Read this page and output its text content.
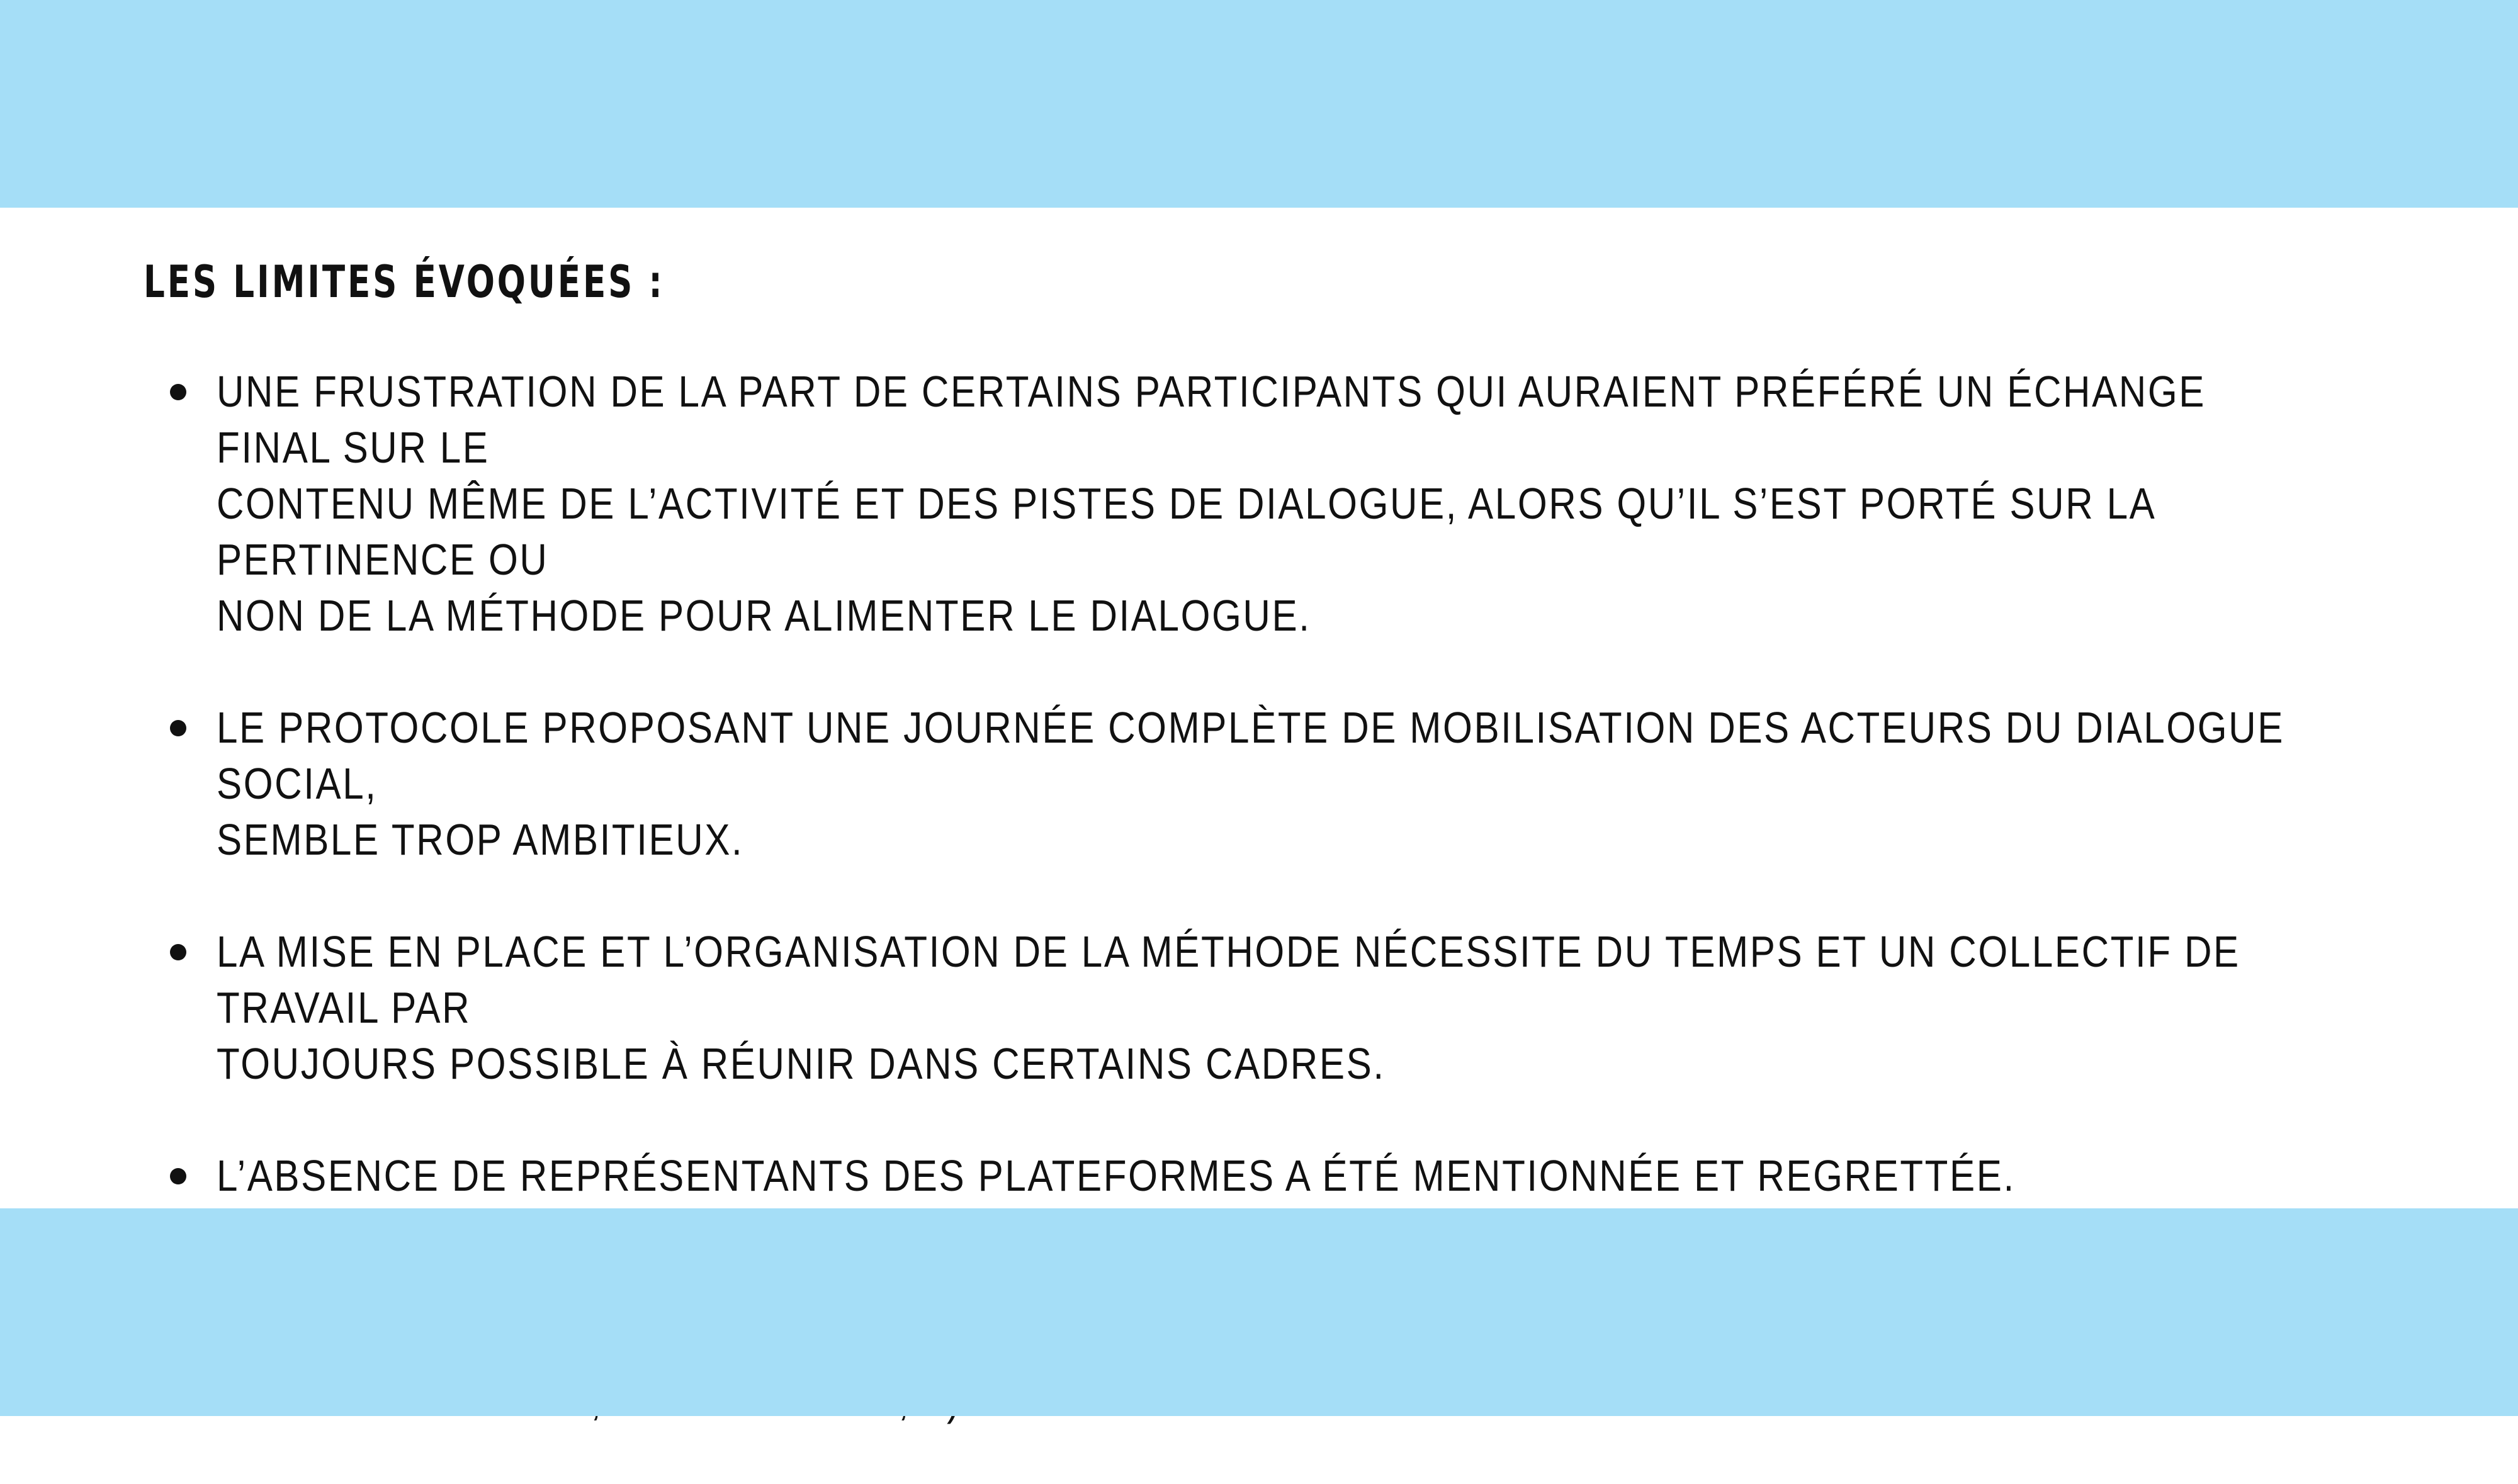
LES LIMITES ÉVOQUÉES :
UNE FRUSTRATION DE LA PART DE CERTAINS PARTICIPANTS QUI AURAIENT PRÉFÉRÉ UN ÉCHANGE FINAL SUR LE
CONTENU MÊME DE L’ACTIVITÉ ET DES PISTES DE DIALOGUE, ALORS QU’IL S’EST PORTÉ SUR LA PERTINENCE OU
NON DE LA MÉTHODE POUR ALIMENTER LE DIALOGUE.
LE PROTOCOLE PROPOSANT UNE JOURNÉE COMPLÈTE DE MOBILISATION DES ACTEURS DU DIALOGUE SOCIAL,
SEMBLE TROP AMBITIEUX.
LA MISE EN PLACE ET L’ORGANISATION DE LA MÉTHODE NÉCESSITE DU TEMPS ET UN COLLECTIF DE TRAVAIL PAR
TOUJOURS POSSIBLE À RÉUNIR DANS CERTAINS CADRES.
L’ABSENCE DE REPRÉSENTANTS DES PLATEFORMES A ÉTÉ MENTIONNÉE ET REGRETTÉE.
